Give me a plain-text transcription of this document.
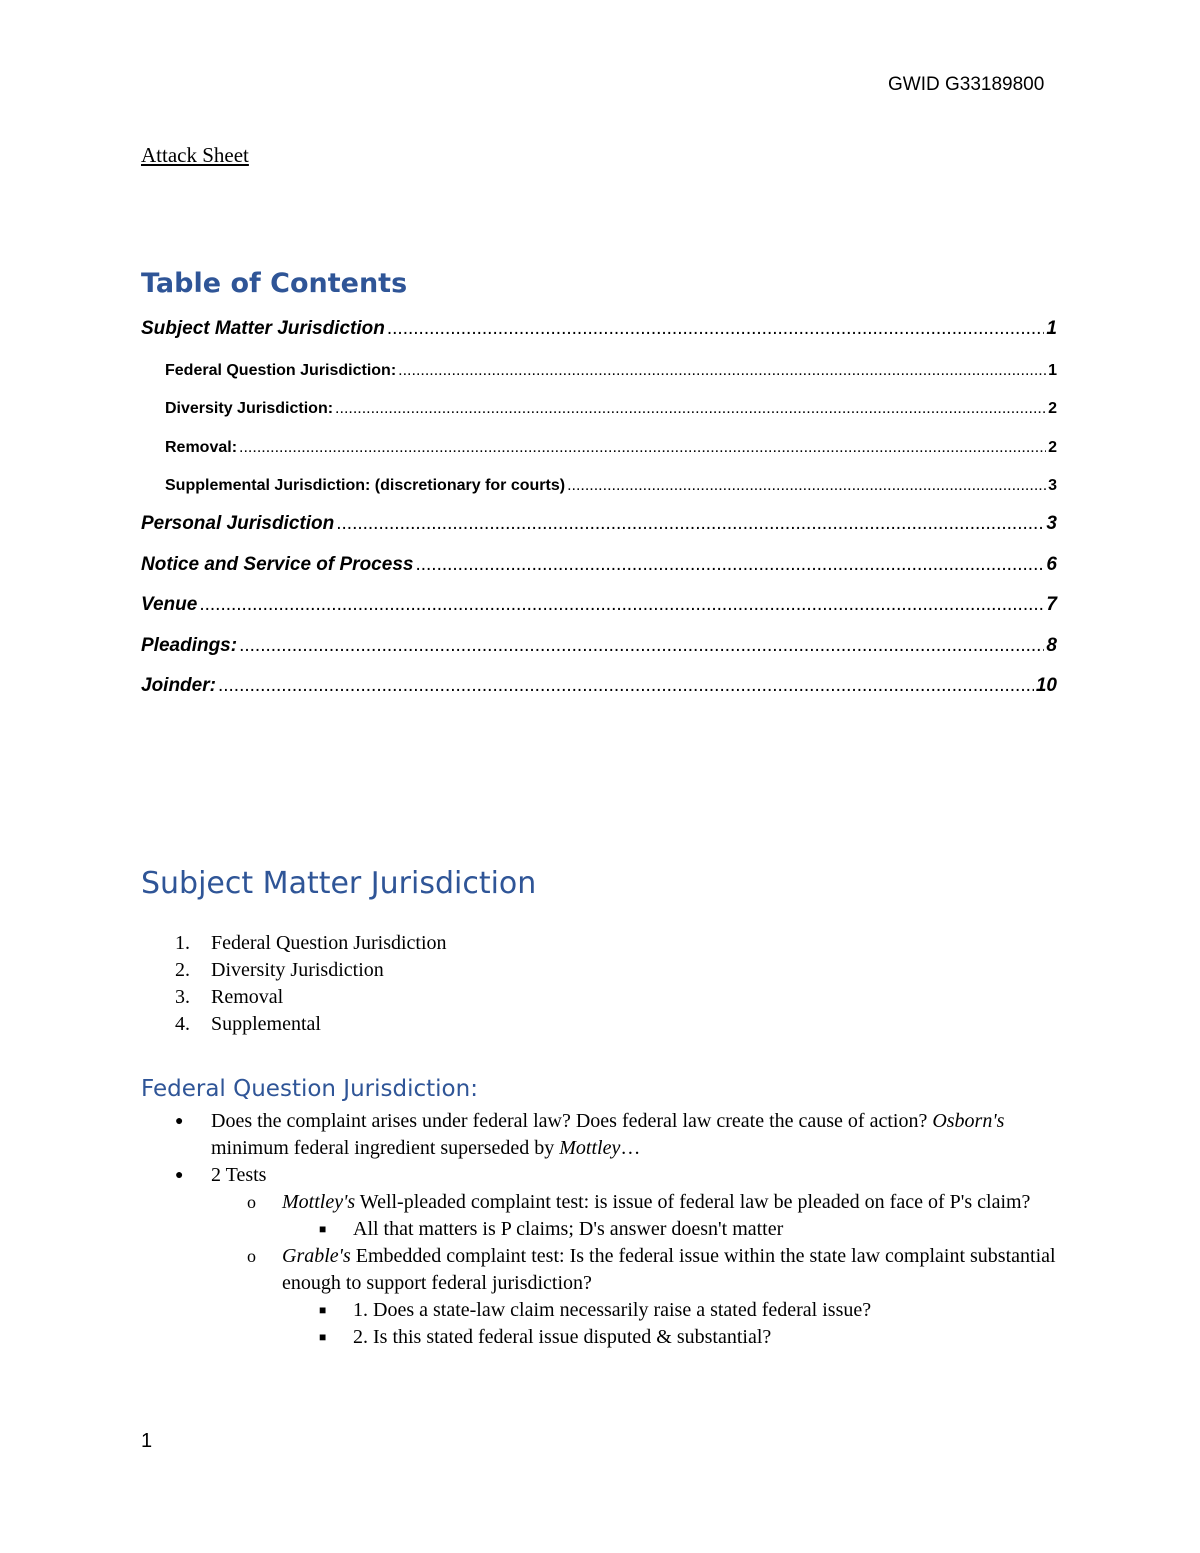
GWID G33189800
Attack Sheet
Table of Contents
Subject Matter Jurisdiction .....	1
Federal Question Jurisdiction: .....	1
Diversity Jurisdiction: .....	2
Removal: .....	2
Supplemental Jurisdiction: (discretionary for courts) .....	3
Personal Jurisdiction .....	3
Notice and Service of Process .....	6
Venue .....	7
Pleadings: .....	8
Joinder: .....	10
Subject Matter Jurisdiction
1. Federal Question Jurisdiction
2. Diversity Jurisdiction
3. Removal
4. Supplemental
Federal Question Jurisdiction:
● Does the complaint arises under federal law? Does federal law create the cause of action? Osborn's minimum federal ingredient superseded by Mottley…
● 2 Tests
o Mottley's Well-pleaded complaint test: is issue of federal law be pleaded on face of P's claim?
■ All that matters is P claims; D's answer doesn't matter
o Grable's Embedded complaint test: Is the federal issue within the state law complaint substantial enough to support federal jurisdiction?
■ 1. Does a state-law claim necessarily raise a stated federal issue?
■ 2. Is this stated federal issue disputed & substantial?
1
